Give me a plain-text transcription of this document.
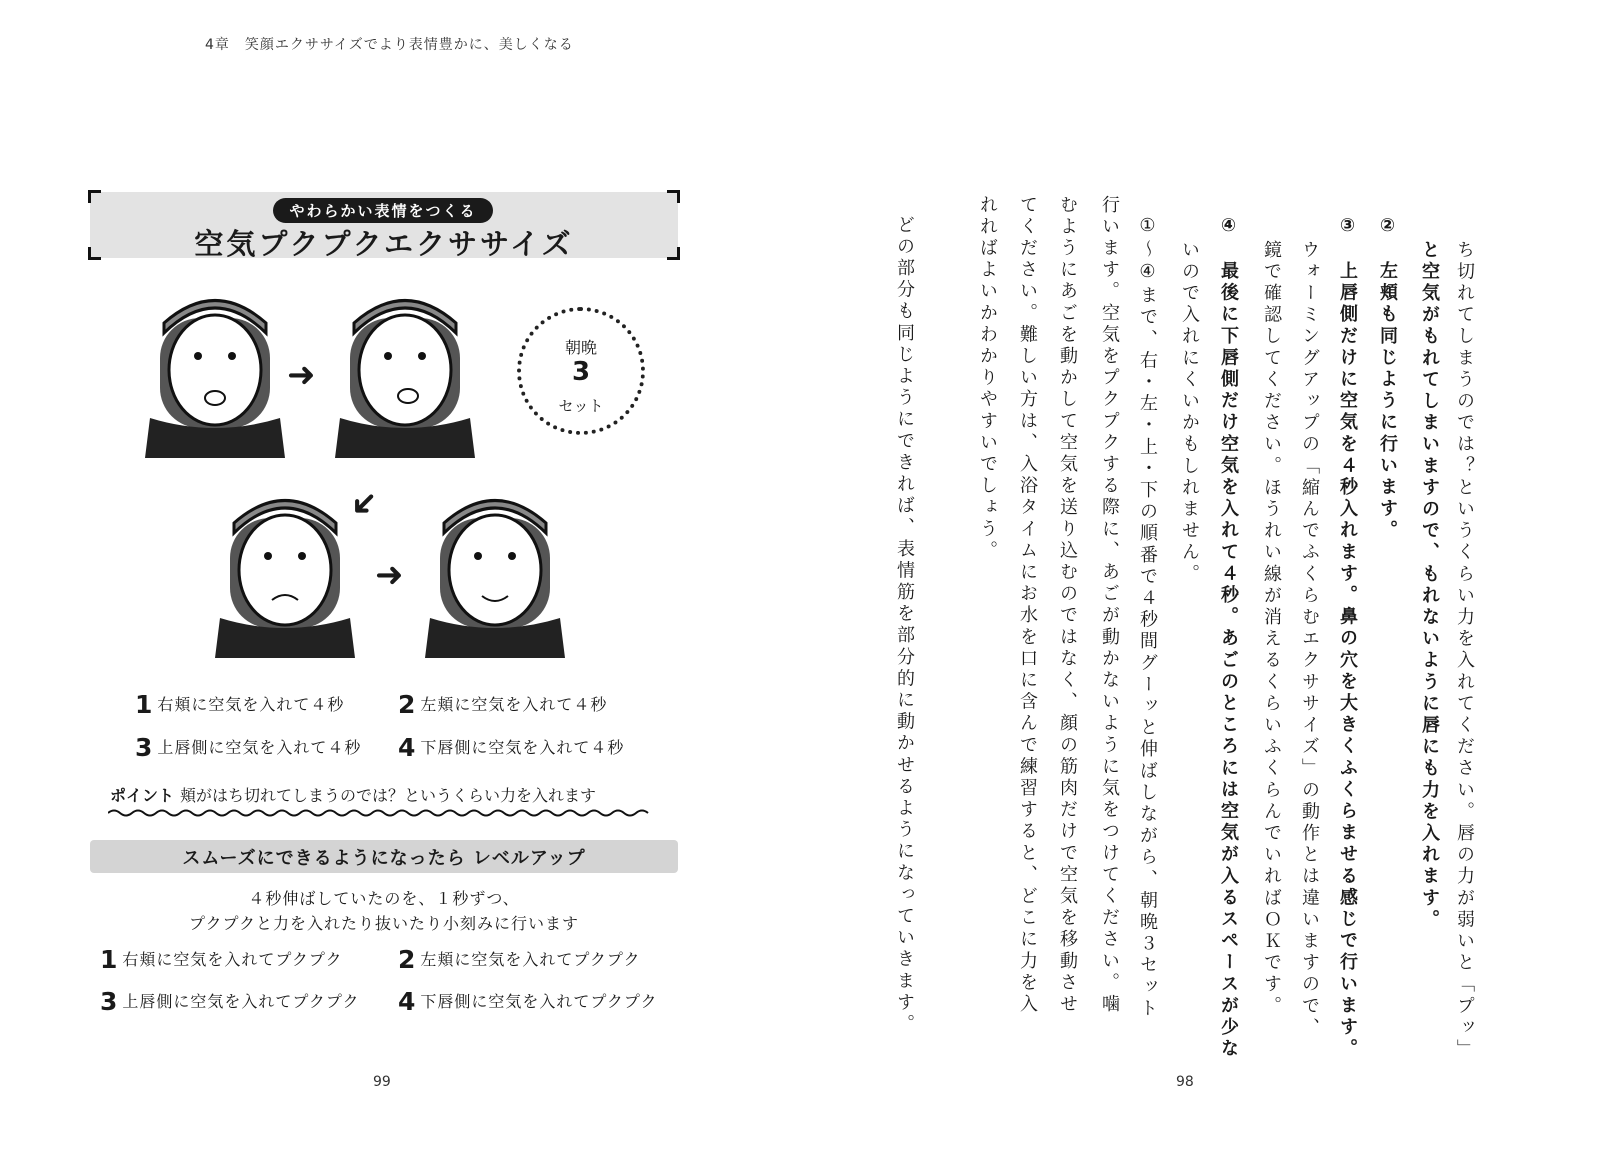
4章　笑顔エクササイズでより表情豊かに、美しくなる
やわらかい表情をつくる
空気プクプクエクササイズ
➜
➜
➜
朝晩
3
セット
1 右頬に空気を入れて４秒 2 左頬に空気を入れて４秒
3 上唇側に空気を入れて４秒 4 下唇側に空気を入れて４秒
ポイント 頬がはち切れてしまうのでは？というくらい力を入れます
スムーズにできるようになったら レベルアップ
４秒伸ばしていたのを、１秒ずつ、
プクプクと力を入れたり抜いたり小刻みに行います
1 右頬に空気を入れてプクプク 2 左頬に空気を入れてプクプク
3 上唇側に空気を入れてプクプク 4 下唇側に空気を入れてプクプク
99
ち切れてしまうのでは？というくらい力を入れてください。唇の力が弱いと「プッ」
と空気がもれてしまいますので、もれないように唇にも力を入れます。
②　左頬も同じように行います。
③　上唇側だけに空気を４秒入れます。鼻の穴を大きくふくらませる感じで行います。
ウォーミングアップの「縮んでふくらむエクササイズ」の動作とは違いますので、
鏡で確認してください。ほうれい線が消えるくらいふくらんでいればＯＫです。
④　最後に下唇側だけ空気を入れて４秒。あごのところには空気が入るスペースが少な
いので入れにくいかもしれません。
①〜④まで、右・左・上・下の順番で４秒間グーッと伸ばしながら、朝晩３セット
行います。空気をプクプクする際に、あごが動かないように気をつけてください。噛
むようにあごを動かして空気を送り込むのではなく、顔の筋肉だけで空気を移動させ
てください。難しい方は、入浴タイムにお水を口に含んで練習すると、どこに力を入
れればよいかわかりやすいでしょう。
どの部分も同じようにできれば、表情筋を部分的に動かせるようになっていきます。
98
